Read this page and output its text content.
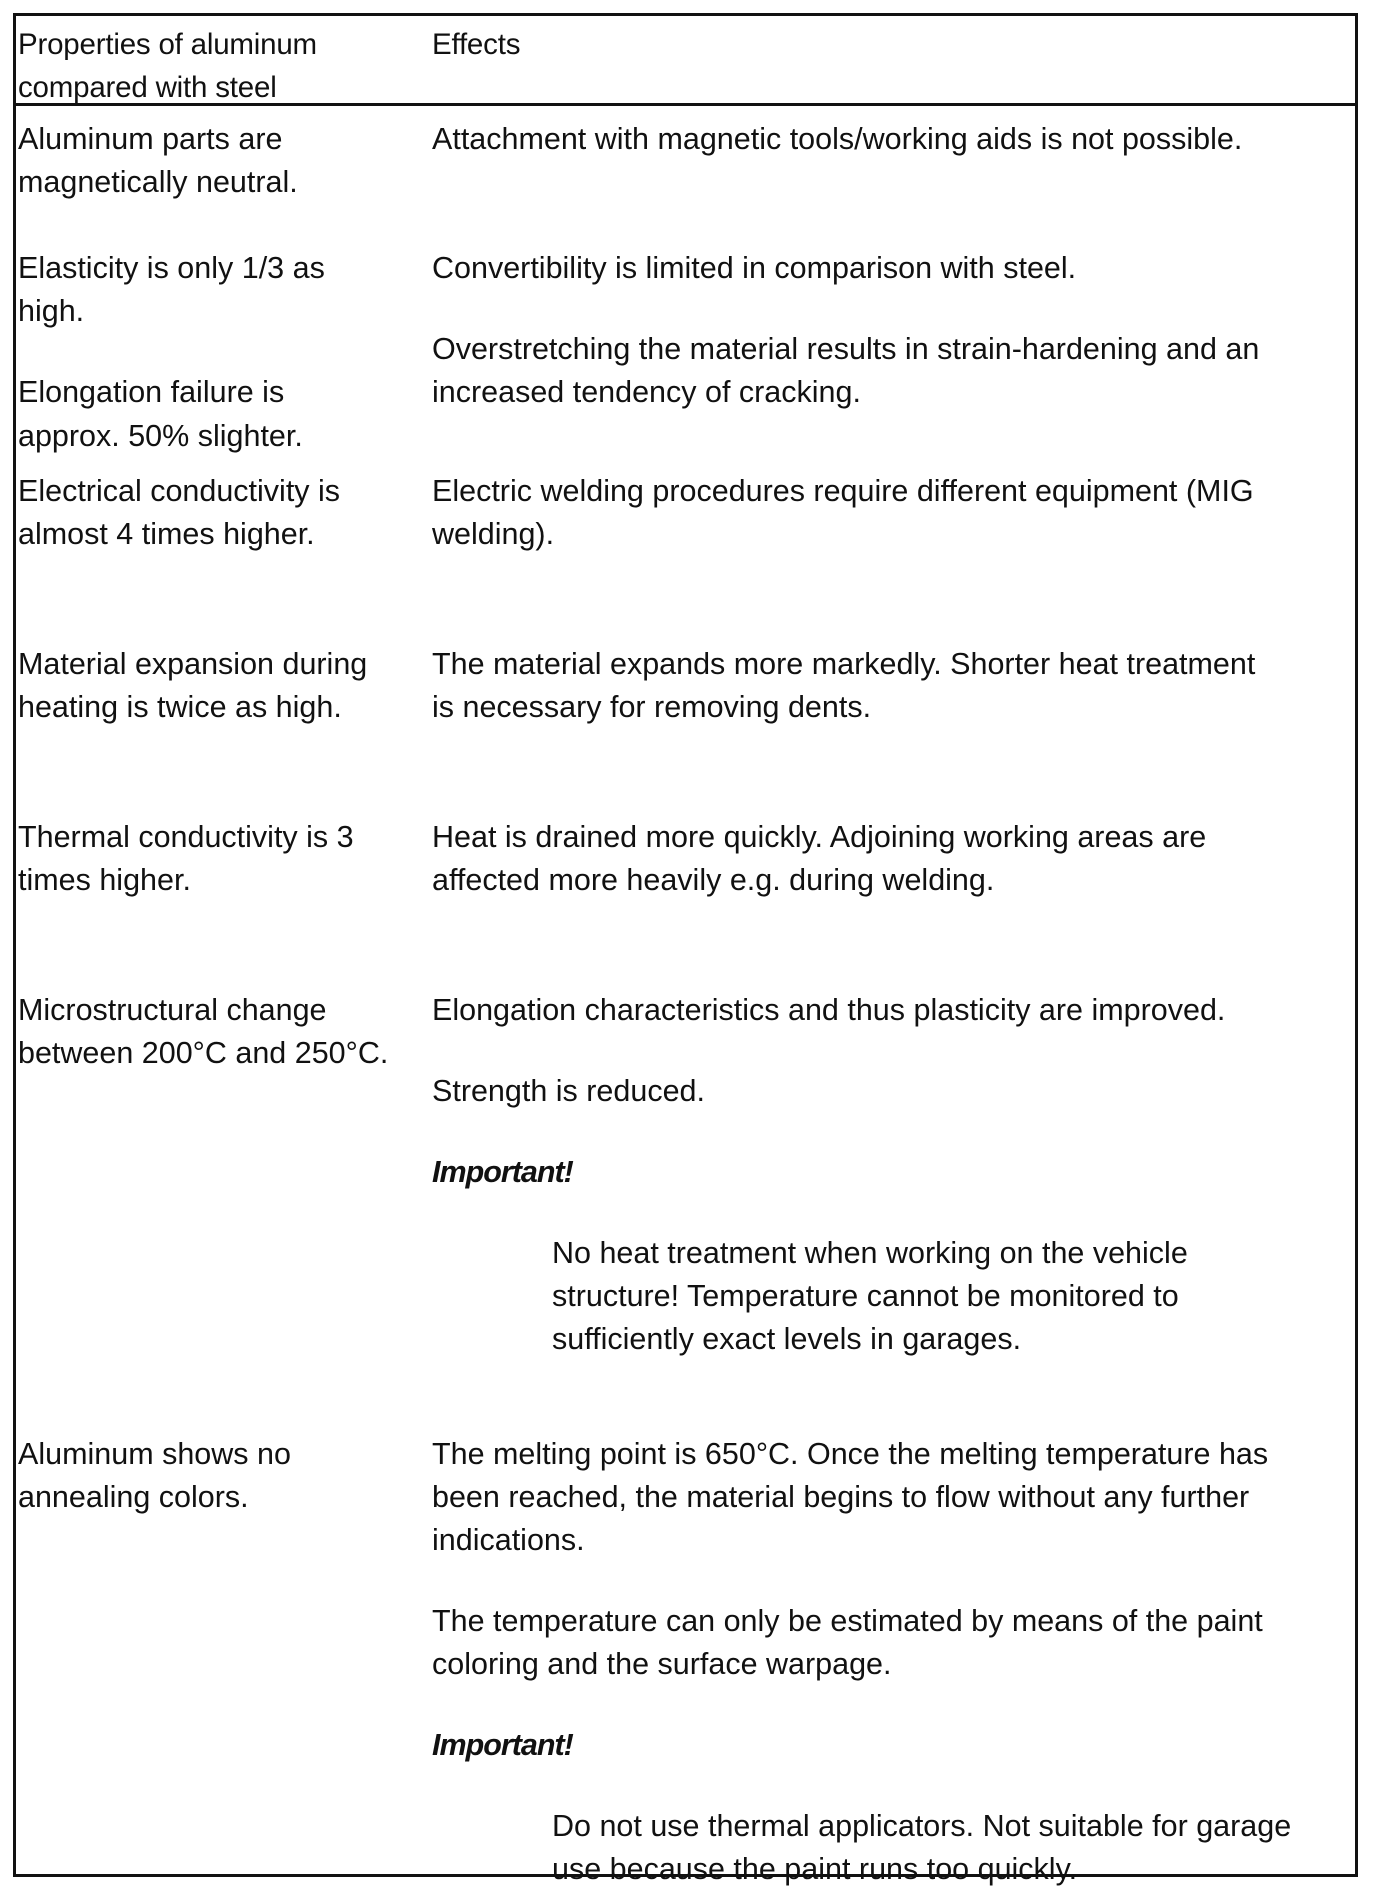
Properties of aluminum
compared with steel
Effects
Aluminum parts are
magnetically neutral.
Attachment with magnetic tools/working aids is not possible.
Elasticity is only 1/3 as
high.
Convertibility is limited in comparison with steel.
Overstretching the material results in strain-hardening and an
increased tendency of cracking.
Elongation failure is
approx. 50% slighter.
Electrical conductivity is
almost 4 times higher.
Electric welding procedures require different equipment (MIG
welding).
Material expansion during
heating is twice as high.
The material expands more markedly. Shorter heat treatment
is necessary for removing dents.
Thermal conductivity is 3
times higher.
Heat is drained more quickly. Adjoining working areas are
affected more heavily e.g. during welding.
Microstructural change
between 200°C and 250°C.
Elongation characteristics and thus plasticity are improved.
Strength is reduced.
Important!
No heat treatment when working on the vehicle
structure! Temperature cannot be monitored to
sufficiently exact levels in garages.
Aluminum shows no
annealing colors.
The melting point is 650°C. Once the melting temperature has
been reached, the material begins to flow without any further
indications.
The temperature can only be estimated by means of the paint
coloring and the surface warpage.
Important!
Do not use thermal applicators. Not suitable for garage
use because the paint runs too quickly.
